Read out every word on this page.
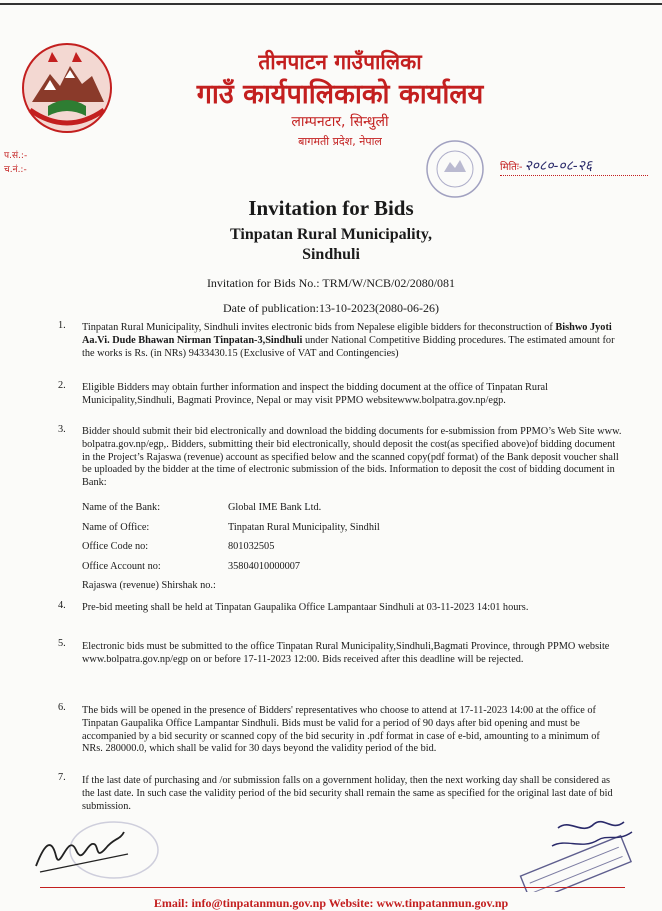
तीनपाटन गाउँपालिका
गाउँ कार्यपालिकाको कार्यालय
लाम्पनटार, सिन्धुली
बागमती प्रदेश, नेपाल
प.सं.:-
च.नं.:-	मितिः- २०८०-०८-२६
Invitation for Bids
Tinpatan Rural Municipality,
Sindhuli
Invitation for Bids No.: TRM/W/NCB/02/2080/081
Date of publication:13-10-2023(2080-06-26)
1. Tinpatan Rural Municipality, Sindhuli invites electronic bids from Nepalese eligible bidders for theconstruction of Bishwo Jyoti Aa.Vi. Dude Bhawan Nirman Tinpatan-3,Sindhuli under National Competitive Bidding procedures. The estimated amount for the works is Rs. (in NRs) 9433430.15 (Exclusive of VAT and Contingencies)
2. Eligible Bidders may obtain further information and inspect the bidding document at the office of Tinpatan Rural Municipality,Sindhuli, Bagmati Province, Nepal or may visit PPMO websitewww.bolpatra.gov.np/egp.
3. Bidder should submit their bid electronically and download the bidding documents for e-submission from PPMO’s Web Site www. bolpatra.gov.np/egp,. Bidders, submitting their bid electronically, should deposit the cost(as specified above)of bidding document in the Project’s Rajaswa (revenue) account as specified below and the scanned copy(pdf format) of the Bank deposit voucher shall be uploaded by the bidder at the time of electronic submission of the bids. Information to deposit the cost of bidding document in Bank:
Name of the Bank:	Global IME Bank Ltd.
Name of Office:	Tinpatan Rural Municipality, Sindhil
Office Code no:	801032505
Office Account no:	35804010000007
Rajaswa (revenue) Shirshak no.:
4. Pre-bid meeting shall be held at Tinpatan Gaupalika Office Lampantaar Sindhuli at 03-11-2023 14:01 hours.
5. Electronic bids must be submitted to the office Tinpatan Rural Municipality,Sindhuli,Bagmati Province, through PPMO website www.bolpatra.gov.np/egp on or before 17-11-2023 12:00. Bids received after this deadline will be rejected.
6. The bids will be opened in the presence of Bidders' representatives who choose to attend at 17-11-2023 14:00 at the office of Tinpatan Gaupalika Office Lampantar Sindhuli. Bids must be valid for a period of 90 days after bid opening and must be accompanied by a bid security or scanned copy of the bid security in .pdf format in case of e-bid, amounting to a minimum of NRs. 280000.0, which shall be valid for 30 days beyond the validity period of the bid.
7. If the last date of purchasing and /or submission falls on a government holiday, then the next working day shall be considered as the last date. In such case the validity period of the bid security shall remain the same as specified for the original last date of bid submission.
Email: info@tinpatanmun.gov.np Website: www.tinpatanmun.gov.np
